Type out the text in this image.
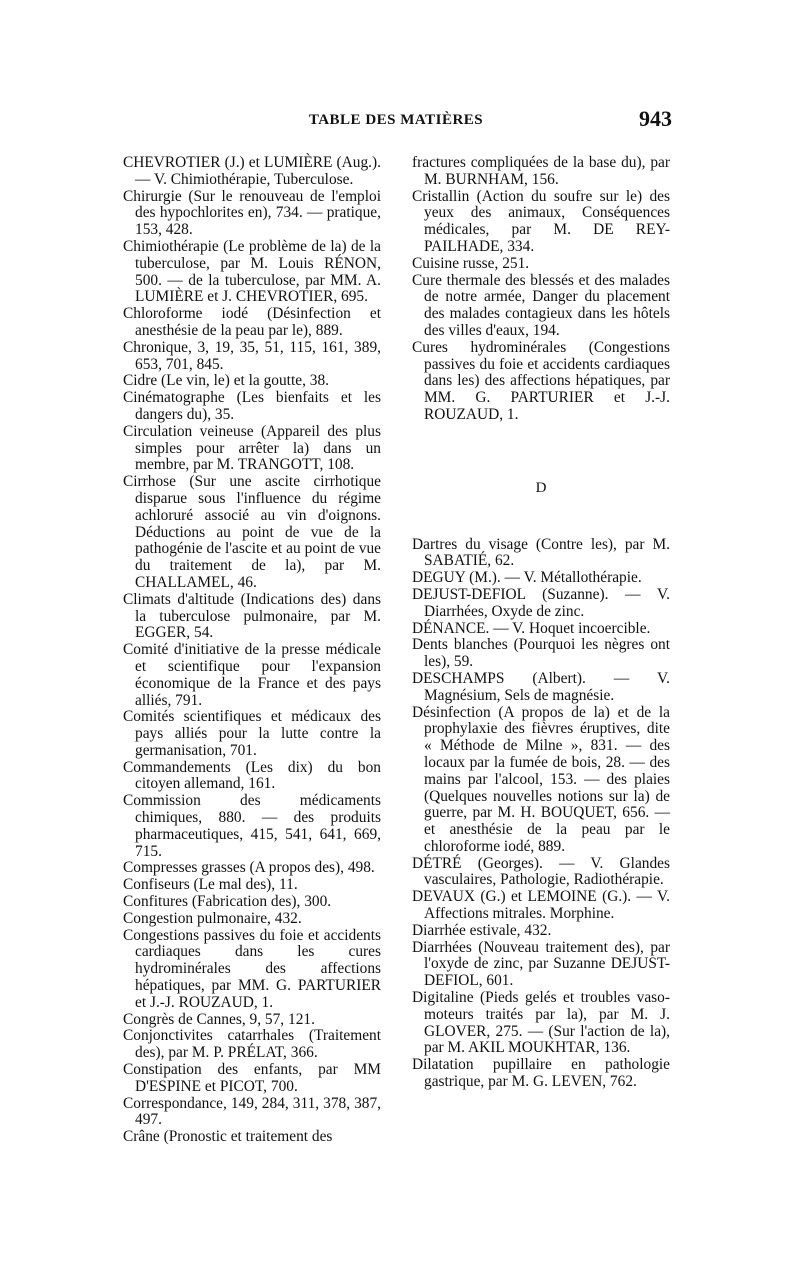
TABLE DES MATIÈRES	943

CHEVROTIER (J.) et LUMIÈRE (Aug.). — V. Chimiothérapie, Tuberculose.

Chirurgie (Sur le renouveau de l'emploi des hypochlorites en), 734. — pratique, 153, 428.

Chimiothérapie (Le problème de la) de la tuberculose, par M. Louis RÉNON, 500. — de la tuberculose, par MM. A. LUMIÈRE et J. CHEVROTIER, 695.

Chloroforme iodé (Désinfection et anesthésie de la peau par le), 889.

Chronique, 3, 19, 35, 51, 115, 161, 389, 653, 701, 845.

Cidre (Le vin, le) et la goutte, 38.

Cinématographe (Les bienfaits et les dangers du), 35.

Circulation veineuse (Appareil des plus simples pour arrêter la) dans un membre, par M. TRANGOTT, 108.

Cirrhose (Sur une ascite cirrhotique disparue sous l'influence du régime achloruré associé au vin d'oignons. Déductions au point de vue de la pathogénie de l'ascite et au point de vue du traitement de la), par M. CHALLAMEL, 46.

Climats d'altitude (Indications des) dans la tuberculose pulmonaire, par M. EGGER, 54.

Comité d'initiative de la presse médicale et scientifique pour l'expansion économique de la France et des pays alliés, 791.

Comités scientifiques et médicaux des pays alliés pour la lutte contre la germanisation, 701.

Commandements (Les dix) du bon citoyen allemand, 161.

Commission des médicaments chimiques, 880. — des produits pharmaceutiques, 415, 541, 641, 669, 715.

Compresses grasses (A propos des), 498.

Confiseurs (Le mal des), 11.

Confitures (Fabrication des), 300.

Congestion pulmonaire, 432.

Congestions passives du foie et accidents cardiaques dans les cures hydrominérales des affections hépatiques, par MM. G. PARTURIER et J.-J. ROUZAUD, 1.

Congrès de Cannes, 9, 57, 121.

Conjonctivites catarrhales (Traitement des), par M. P. PRÉLAT, 366.

Constipation des enfants, par MM D'ESPINE et PICOT, 700.

Correspondance, 149, 284, 311, 378, 387, 497.

Crâne (Pronostic et traitement des

fractures compliquées de la base du), par M. BURNHAM, 156.

Cristallin (Action du soufre sur le) des yeux des animaux, Conséquences médicales, par M. DE REY-PAILHADE, 334.

Cuisine russe, 251.

Cure thermale des blessés et des malades de notre armée, Danger du placement des malades contagieux dans les hôtels des villes d'eaux, 194.

Cures hydrominérales (Congestions passives du foie et accidents cardiaques dans les) des affections hépatiques, par MM. G. PARTURIER et J.-J. ROUZAUD, 1.

D

Dartres du visage (Contre les), par M. SABATIÉ, 62.

DEGUY (M.). — V. Métallothérapie.

DEJUST-DEFIOL (Suzanne). — V. Diarrhées, Oxyde de zinc.

DÉNANCE. — V. Hoquet incoercible.

Dents blanches (Pourquoi les nègres ont les), 59.

DESCHAMPS (Albert). — V. Magnésium, Sels de magnésie.

Désinfection (A propos de la) et de la prophylaxie des fièvres éruptives, dite « Méthode de Milne », 831. — des locaux par la fumée de bois, 28. — des mains par l'alcool, 153. — des plaies (Quelques nouvelles notions sur la) de guerre, par M. H. BOUQUET, 656. — et anesthésie de la peau par le chloroforme iodé, 889.

DÉTRÉ (Georges). — V. Glandes vasculaires, Pathologie, Radiothérapie.

DEVAUX (G.) et LEMOINE (G.). — V. Affections mitrales. Morphine.

Diarrhée estivale, 432.

Diarrhées (Nouveau traitement des), par l'oxyde de zinc, par Suzanne DEJUST-DEFIOL, 601.

Digitaline (Pieds gelés et troubles vaso-moteurs traités par la), par M. J. GLOVER, 275. — (Sur l'action de la), par M. AKIL MOUKHTAR, 136.

Dilatation pupillaire en pathologie gastrique, par M. G. LEVEN, 762.
